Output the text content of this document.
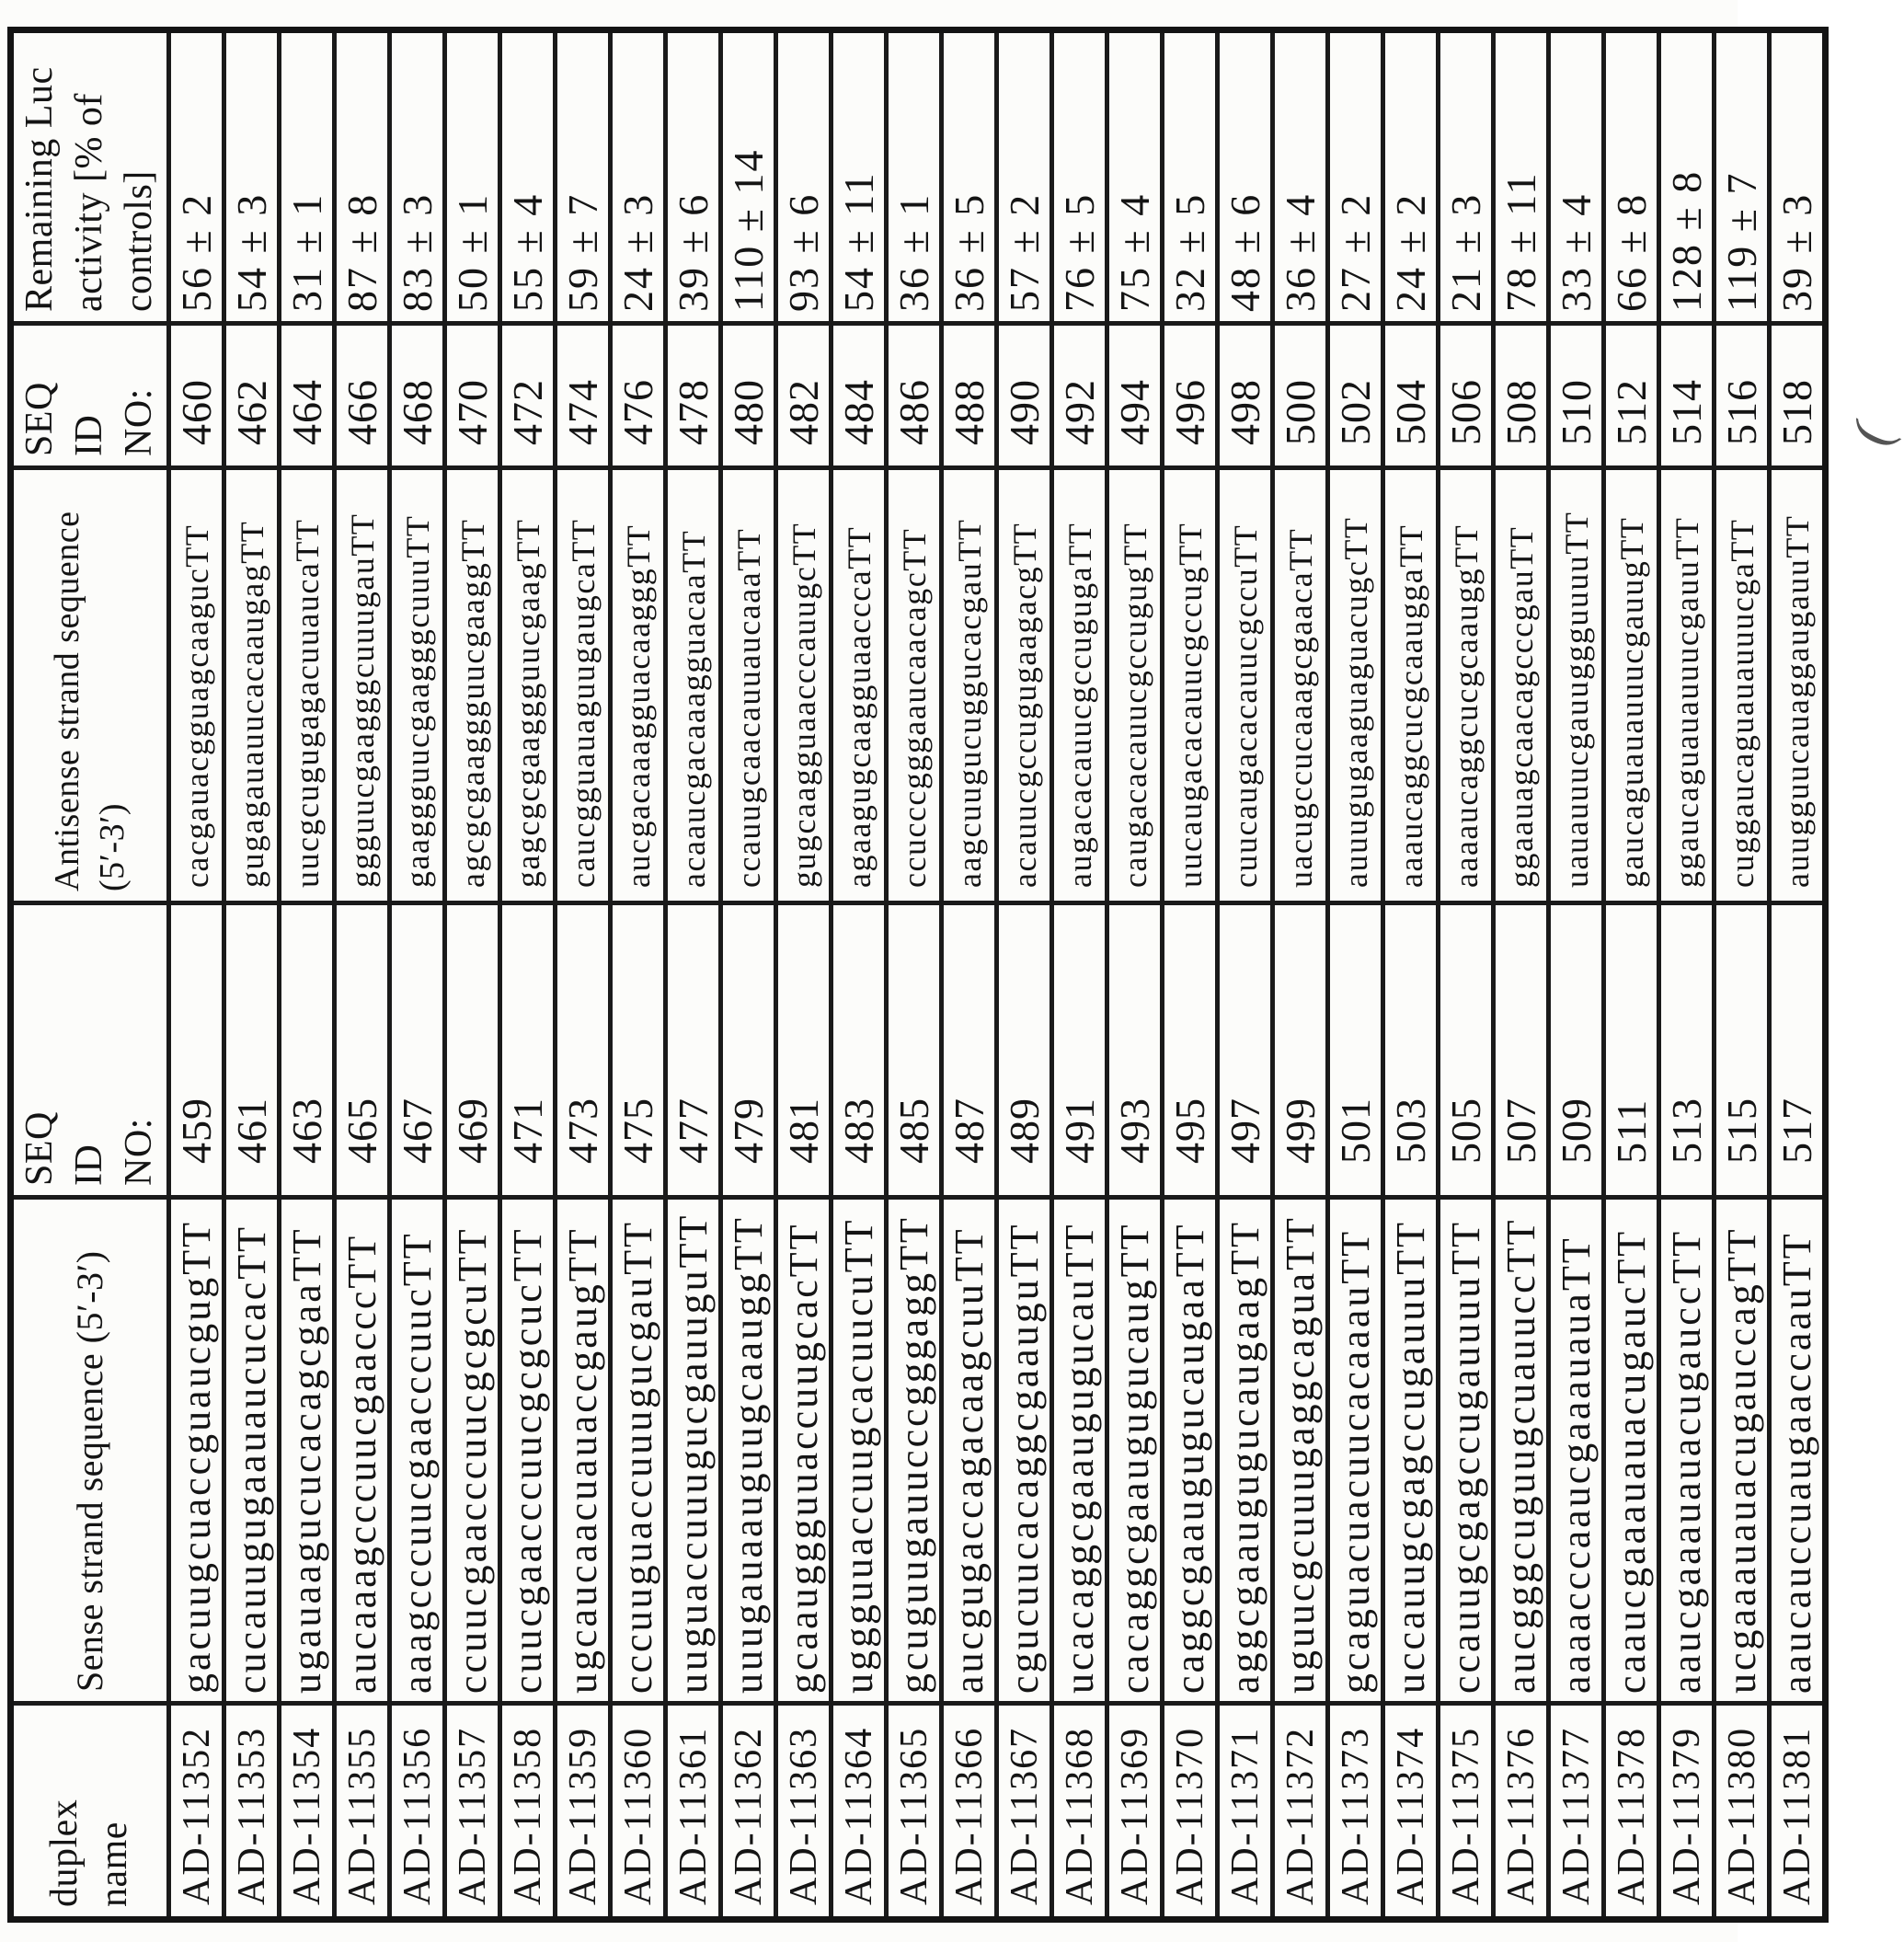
duplex name	Sense strand sequence (5′-3′)	SEQ
ID
NO:	Antisense strand sequence
(5′-3′)	SEQ
ID
NO:	Remaining Luc
activity [% of
controls]
AD-11352	gacuugcuaccguaucgugTT	459	cacgauacgguagcaagucTT	460	56 ± 2
AD-11353	cucauugugaauaucucacTT	461	gugagauauucacaaugagTT	462	54 ± 3
AD-11354	ugauaagucucacagcgaaTT	463	uucgcugugagacuuaucaTT	464	31 ± 1
AD-11355	aucaaagcccuucgaacccTT	465	ggguucgaagggcuuugauTT	466	87 ± 8
AD-11356	aaagcccuucgaacccuucTT	467	gaaggguucgaagggcuuuTT	468	83 ± 3
AD-11357	ccuucgaacccuucgcgcuTT	469	agcgcgaaggguucgaaggTT	470	50 ± 1
AD-11358	cuucgaacccuucgcgcucTT	471	gagcgcgaaggguucgaagTT	472	55 ± 4
AD-11359	ugcaucaacuauaccgaugTT	473	caucgguauaguugaugcaTT	474	59 ± 7
AD-11360	cccuuguaccuuugucgauTT	475	aucgacaaagguacaagggTT	476	24 ± 3
AD-11361	uuguaccuuugucgauuguTT	477	acaaucgacaaagguacaaTT	478	39 ± 6
AD-11362	uuugauaauguugcaauggTT	479	ccauugcaacauuaucaaaTT	480	110 ± 14
AD-11363	gcaauggguuaccuugcacTT	481	gugcaagguaacccauugcTT	482	93 ± 6
AD-11364	uggguuaccuugcacuucuTT	483	agaagugcaagguaacccaTT	484	54 ± 11
AD-11365	gcuguugauucccgggaggTT	485	ccucccgggaaucaacagcTT	486	36 ± 1
AD-11366	aucgugaccagacaagcuuTT	487	aagcuugucuggucacgauTT	488	36 ± 5
AD-11367	cgucuucacaggcgaauguTT	489	acauucgccugugaagacgTT	490	57 ± 2
AD-11368	ucacaggcgaaugugucauTT	491	augacacauucgccugugaTT	492	76 ± 5
AD-11369	cacaggcgaaugugucaugTT	493	caugacacauucgccugugTT	494	75 ± 4
AD-11370	caggcgaaugugucaugaaTT	495	uucaugacacauucgccugTT	496	32 ± 5
AD-11371	aggcgaaugugucaugaagTT	497	cuucaugacacauucgccuTT	498	48 ± 6
AD-11372	uguucgcuuugaggcaguaTT	499	uacugccucaaagcgaacaTT	500	36 ± 4
AD-11373	gcaguacuacuucacaaauTT	501	auuugugaaguaguacugcTT	502	27 ± 2
AD-11374	uccauugcgagccugauuuTT	503	aaaucaggcucgcaauggaTT	504	24 ± 2
AD-11375	ccauugcgagccugauuuuTT	505	aaaaucaggcucgcaauggTT	506	21 ± 3
AD-11376	aucgggcuguugcuauuccTT	507	ggaauagcaacagcccgauTT	508	78 ± 11
AD-11377	aaaacccaaucgaaauauaTT	509	uauauuucgauuggguuuuTT	510	33 ± 4
AD-11378	caaucgaaauauacugaucTT	511	gaucaguauauuucgauugTT	512	66 ± 8
AD-11379	aaucgaaauauacugauccTT	513	ggaucaguauauuucgauuTT	514	128 ± 8
AD-11380	ucgaaauauacugauccagTT	515	cuggaucaguauauuucgaTT	516	119 ± 7
AD-11381	aaucauccuaugaaccaauTT	517	auugguucauaggaugauuTT	518	39 ± 3
(
